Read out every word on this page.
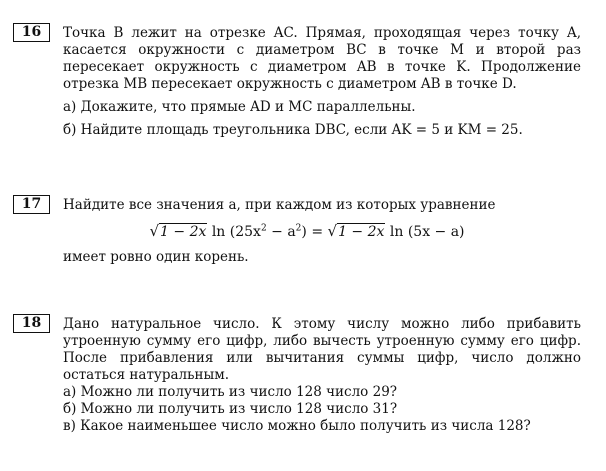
16	Точка B лежит на отрезке AC. Прямая, проходящая через точку A, касается окружности с диаметром BC в точке M и второй раз пересекает окружность с диаметром AB в точке K. Продолжение отрезка MB пересекает окружность с диаметром AB в точке D.
а) Докажите, что прямые AD и MC параллельны.
б) Найдите площадь треугольника DBC, если AK = 5 и KM = 25.
17	Найдите все значения a, при каждом из которых уравнение
√1 − 2x $\ln (25x^2 - a^2) = √1 - 2x$ ln (5x − a)
имеет ровно один корень.
18	Дано натуральное число. К этому числу можно либо прибавить утроенную сумму его цифр, либо вычесть утроенную сумму его цифр. После прибавления или вычитания суммы цифр, число должно остаться натуральным.
а) Можно ли получить из число 128 число 29?
б) Можно ли получить из число 128 число 31?
в) Какое наименьшее число можно было получить из числа 128?
